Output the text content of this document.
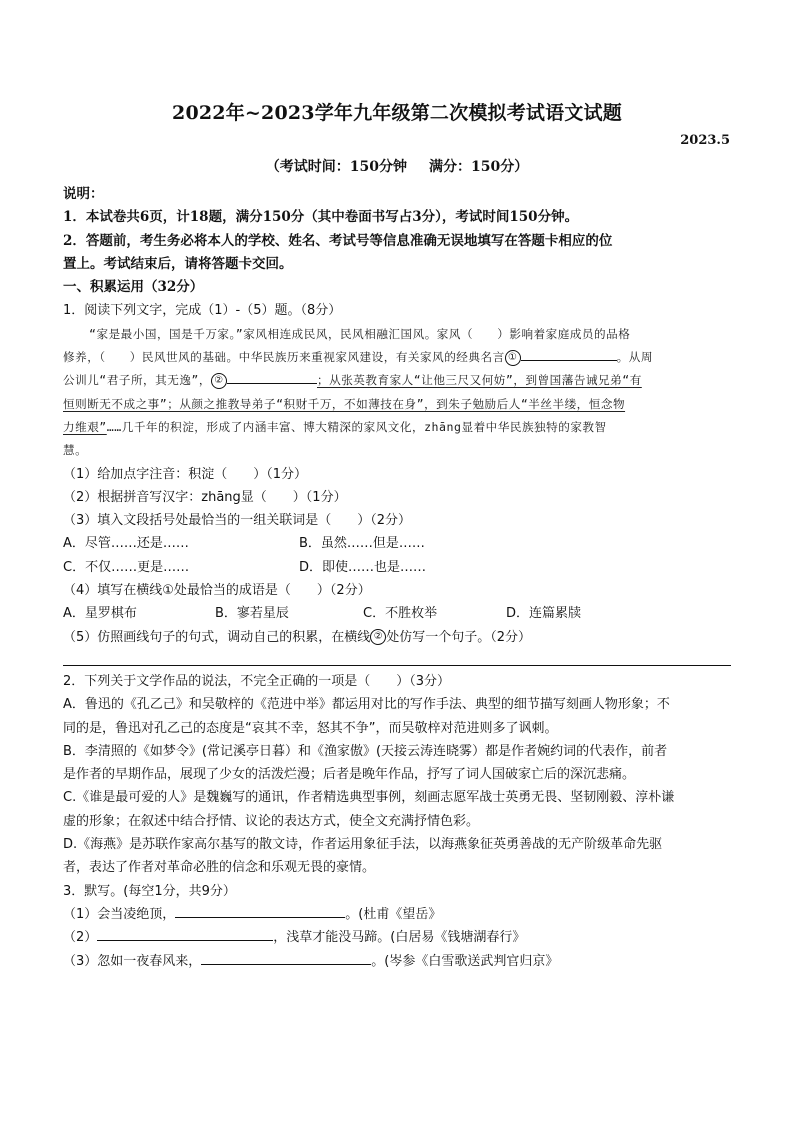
2022年~2023学年九年级第二次模拟考试语文试题
2023.5
（考试时间：150分钟 满分：150分）
说明：
1．本试卷共6页，计18题，满分150分（其中卷面书写占3分），考试时间150分钟。
2．答题前，考生务必将本人的学校、姓名、考试号等信息准确无误地填写在答题卡相应的位
置上。考试结束后，请将答题卡交回。
一、积累运用（32分）
1．阅读下列文字，完成（1）-（5）题。（8分）
“家是最小国，国是千万家。”家风相连成民风，民风相融汇国风。家风（　　）影响着家庭成员的品格
修养，（　　）民风世风的基础。中华民族历来重视家风建设，有关家风的经典名言 ①	。从周
公训儿“君子所，其无逸”， ②	；从张英教育家人“让他三尺又何妨”，到曾国藩告诫兄弟“有
恒则断无不成之事”；从颜之推教导弟子“积财千万，不如薄技在身”，到朱子勉励后人“半丝半缕，恒念物
力维艰”……几千年的积淀，形成了内涵丰富、博大精深的家风文化，zhāng显着中华民族独特的家教智
慧。
（1）给加点字注音：积淀（　　）（1分）
（2）根据拼音写汉字：zhāng显（　　）（1分）
（3）填入文段括号处最恰当的一组关联词是（　　）（2分）
A．尽管……还是……	B．虽然……但是……
C．不仅……更是……	D．即使……也是……
（4）填写在横线①处最恰当的成语是（　　）（2分）
A．星罗棋布	B．寥若星辰	C．不胜枚举	D．连篇累牍
（5）仿照画线句子的句式，调动自己的积累，在横线 ② 处仿写一个句子。（2分）
2．下列关于文学作品的说法，不完全正确的一项是（　　）（3分）
A．鲁迅的《孔乙己》和吴敬梓的《范进中举》都运用对比的写作手法、典型的细节描写刻画人物形象；不
同的是，鲁迅对孔乙己的态度是“哀其不幸，怒其不争”，而吴敬梓对范进则多了讽刺。
B．李清照的《如梦令》(常记溪亭日暮）和《渔家傲》(天接云涛连晓雾）都是作者婉约词的代表作，前者
是作者的早期作品，展现了少女的活泼烂漫；后者是晚年作品，抒写了词人国破家亡后的深沉悲痛。
C.《谁是最可爱的人》是魏巍写的通讯，作者精选典型事例，刻画志愿军战士英勇无畏、坚韧刚毅、淳朴谦
虚的形象；在叙述中结合抒情、议论的表达方式，使全文充满抒情色彩。
D.《海燕》是苏联作家高尔基写的散文诗，作者运用象征手法，以海燕象征英勇善战的无产阶级革命先驱
者，表达了作者对革命必胜的信念和乐观无畏的豪情。
3．默写。(每空1分，共9分）
（1）会当凌绝顶，	。(杜甫《望岳》
（2）	，浅草才能没马蹄。(白居易《钱塘湖春行》
（3）忽如一夜春风来，	。(岑参《白雪歌送武判官归京》
